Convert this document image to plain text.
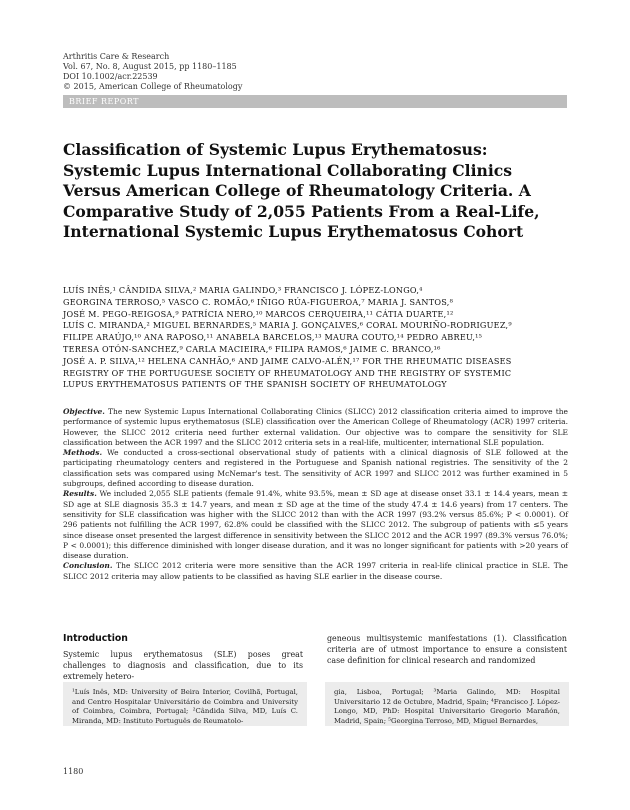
Arthritis Care & Research
Vol. 67, No. 8, August 2015, pp 1180–1185
DOI 10.1002/acr.22539
© 2015, American College of Rheumatology
BRIEF REPORT
Classification of Systemic Lupus Erythematosus: Systemic Lupus International Collaborating Clinics Versus American College of Rheumatology Criteria. A Comparative Study of 2,055 Patients From a Real-Life, International Systemic Lupus Erythematosus Cohort
LUÍS INÊS,¹ CÂNDIDA SILVA,² MARIA GALINDO,³ FRANCISCO J. LÓPEZ-LONGO,⁴
GEORGINA TERROSO,⁵ VASCO C. ROMÃO,⁶ IÑIGO RÚA-FIGUEROA,⁷ MARIA J. SANTOS,⁸
JOSÉ M. PEGO-REIGOSA,⁹ PATRÍCIA NERO,¹⁰ MARCOS CERQUEIRA,¹¹ CÁTIA DUARTE,¹²
LUÍS C. MIRANDA,² MIGUEL BERNARDES,⁵ MARIA J. GONÇALVES,⁶ CORAL MOURIÑO-RODRIGUEZ,⁹
FILIPE ARAÚJO,¹⁰ ANA RAPOSO,¹¹ ANABELA BARCELOS,¹³ MAURA COUTO,¹⁴ PEDRO ABREU,¹⁵
TERESA OTÓN-SANCHEZ,⁹ CARLA MACIEIRA,⁶ FILIPA RAMOS,⁶ JAIME C. BRANCO,¹⁶
JOSÉ A. P. SILVA,¹² HELENA CANHÃO,⁶ AND JAIME CALVO-ALÉN,¹⁷ FOR THE RHEUMATIC DISEASES
REGISTRY OF THE PORTUGUESE SOCIETY OF RHEUMATOLOGY AND THE REGISTRY OF SYSTEMIC
LUPUS ERYTHEMATOSUS PATIENTS OF THE SPANISH SOCIETY OF RHEUMATOLOGY

Objective. The new Systemic Lupus International Collaborating Clinics (SLICC) 2012 classification criteria aimed to improve the performance of systemic lupus erythematosus (SLE) classification over the American College of Rheumatology (ACR) 1997 criteria. However, the SLICC 2012 criteria need further external validation. Our objective was to compare the sensitivity for SLE classification between the ACR 1997 and the SLICC 2012 criteria sets in a real-life, multicenter, international SLE population.

Methods. We conducted a cross-sectional observational study of patients with a clinical diagnosis of SLE followed at the participating rheumatology centers and registered in the Portuguese and Spanish national registries. The sensitivity of the 2 classification sets was compared using McNemar's test. The sensitivity of ACR 1997 and SLICC 2012 was further examined in 5 subgroups, defined according to disease duration.

Results. We included 2,055 SLE patients (female 91.4%, white 93.5%, mean ± SD age at disease onset 33.1 ± 14.4 years, mean ± SD age at SLE diagnosis 35.3 ± 14.7 years, and mean ± SD age at the time of the study 47.4 ± 14.6 years) from 17 centers. The sensitivity for SLE classification was higher with the SLICC 2012 than with the ACR 1997 (93.2% versus 85.6%; P < 0.0001). Of 296 patients not fulfilling the ACR 1997, 62.8% could be classified with the SLICC 2012. The subgroup of patients with ≤5 years since disease onset presented the largest difference in sensitivity between the SLICC 2012 and the ACR 1997 (89.3% versus 76.0%; P < 0.0001); this difference diminished with longer disease duration, and it was no longer significant for patients with >20 years of disease duration.

Conclusion. The SLICC 2012 criteria were more sensitive than the ACR 1997 criteria in real-life clinical practice in SLE. The SLICC 2012 criteria may allow patients to be classified as having SLE earlier in the disease course.

Introduction

Systemic lupus erythematosus (SLE) poses great challenges to diagnosis and classification, due to its extremely hetero-

geneous multisystemic manifestations (1). Classification criteria are of utmost importance to ensure a consistent case definition for clinical research and randomized

¹Luís Inês, MD: University of Beira Interior, Covilhã, Portugal, and Centro Hospitalar Universitário de Coimbra and University of Coimbra, Coimbra, Portugal; ²Cândida Silva, MD, Luís C. Miranda, MD: Instituto Português de Reumatolo-
gia, Lisboa, Portugal; ³Maria Galindo, MD: Hospital Universitario 12 de Octubre, Madrid, Spain; ⁴Francisco J. López-Longo, MD, PhD: Hospital Universitario Gregorio Marañón, Madrid, Spain; ⁵Georgina Terroso, MD, Miguel Bernardes,
1180
